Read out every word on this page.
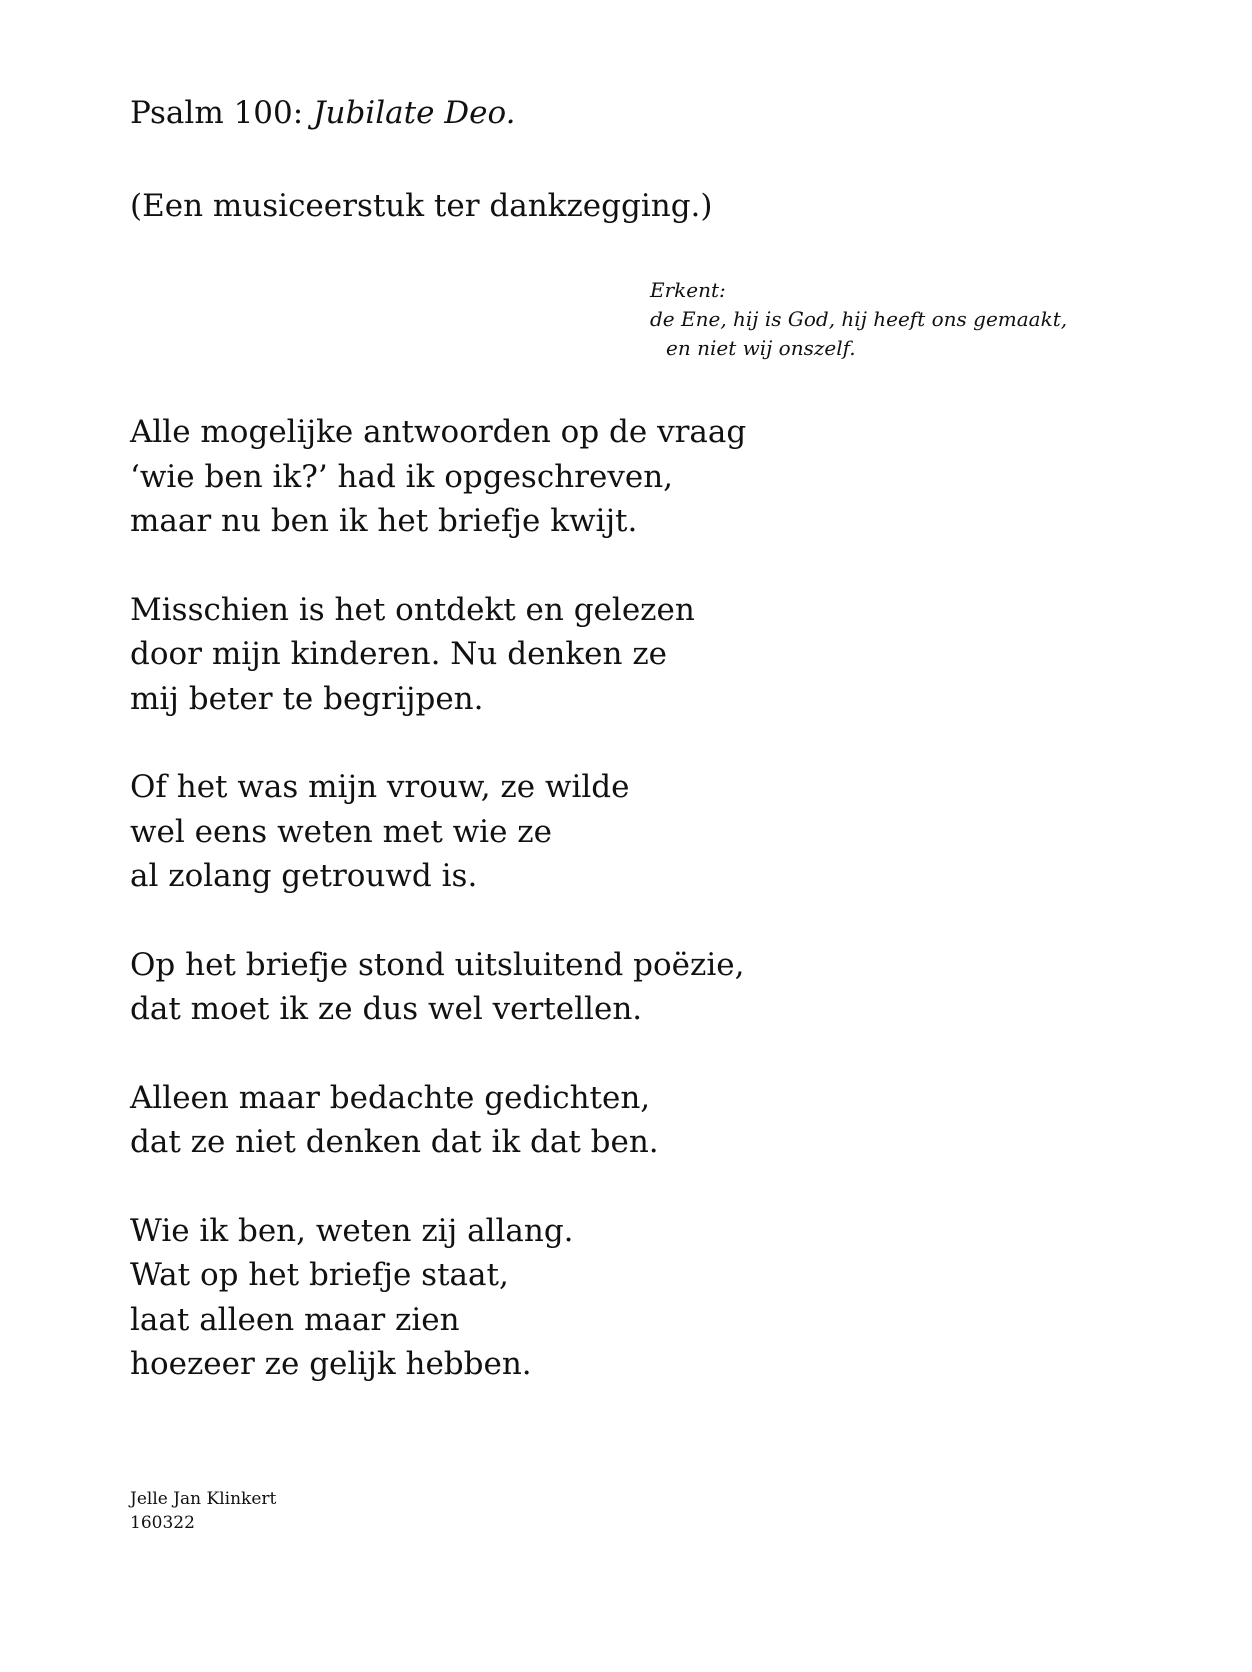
Psalm 100: Jubilate Deo.
(Een musiceerstuk ter dankzegging.)
Erkent:
de Ene, hij is God, hij heeft ons gemaakt,
en niet wij onszelf.
Alle mogelijke antwoorden op de vraag
‘wie ben ik?’ had ik opgeschreven,
maar nu ben ik het briefje kwijt.
Misschien is het ontdekt en gelezen
door mijn kinderen. Nu denken ze
mij beter te begrijpen.
Of het was mijn vrouw, ze wilde
wel eens weten met wie ze
al zolang getrouwd is.
Op het briefje stond uitsluitend poëzie,
dat moet ik ze dus wel vertellen.
Alleen maar bedachte gedichten,
dat ze niet denken dat ik dat ben.
Wie ik ben, weten zij allang.
Wat op het briefje staat,
laat alleen maar zien
hoezeer ze gelijk hebben.
Jelle Jan Klinkert
160322
